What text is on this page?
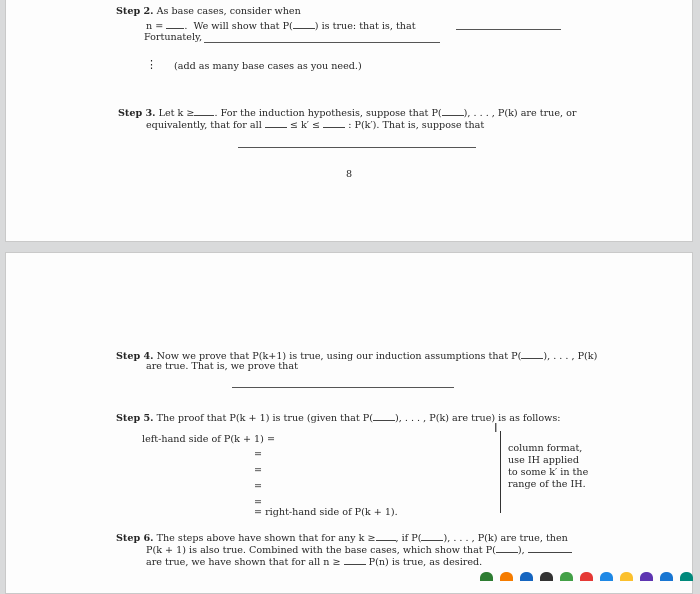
Step 2. As base cases, consider when
n = .  We will show that P( ) is true: that is, that
Fortunately,
⋮ (add as many base cases as you need.)
Step 3. Let k ≥ . For the induction hypothesis, suppose that P( ), . . . , P(k) are true, or
equivalently, that for all	≤ k′ ≤	: P(k′). That is, suppose that
8
Step 4. Now we prove that P(k+1) is true, using our induction assumptions that P( ), . . . , P(k)
are true. That is, we prove that
Step 5. The proof that P(k + 1) is true (given that P( ), . . . , P(k) are true) is as follows:
I
left-hand side of P(k + 1) =
=
=
=
=
= right-hand side of P(k + 1).
column format,
use IH applied
to some k′ in the
range of the IH.
Step 6. The steps above have shown that for any k ≥ , if P( ), . . . , P(k) are true, then
P(k + 1) is also true. Combined with the base cases, which show that P( ),
are true, we have shown that for all n ≥	P(n) is true, as desired.
